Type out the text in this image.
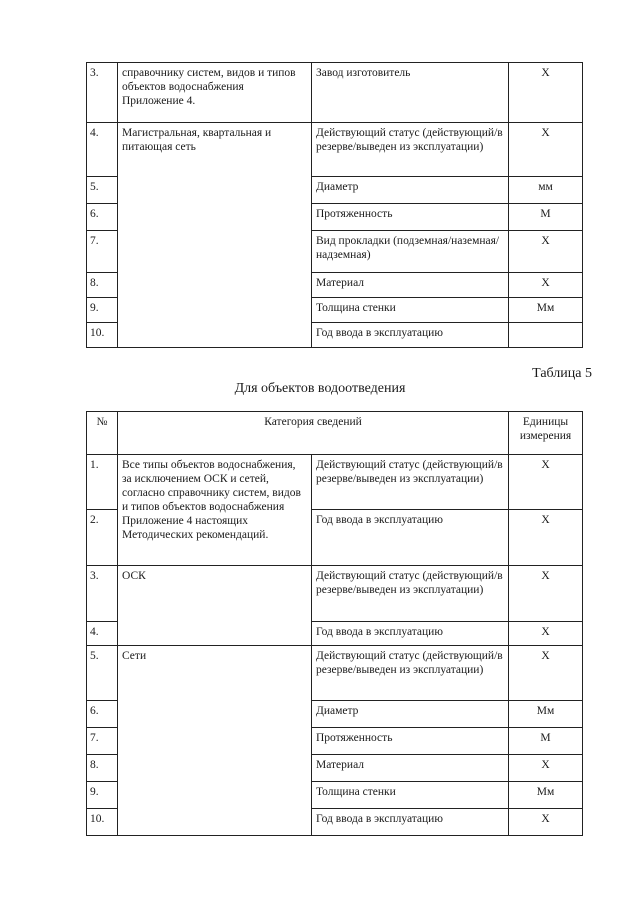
3.	справочнику систем, видов и типов объектов водоснабжения Приложение 4.	Завод изготовитель	Х
4.	Магистральная, квартальная и питающая сеть	Действующий статус (действующий/в резерве/выведен из эксплуатации)	Х
5.		Диаметр	мм
6.		Протяженность	М
7.		Вид прокладки (подземная/наземная/надземная)	Х
8.		Материал	Х
9.		Толщина стенки	Мм
10.		Год ввода в эксплуатацию	
Таблица 5
Для объектов водоотведения
№	Категория сведений		Единицы измерения
1.	Все типы объектов водоснабжения, за исключением ОСК и сетей, согласно справочнику систем, видов и типов объектов водоснабжения Приложение 4 настоящих Методических рекомендаций.	Действующий статус (действующий/в резерве/выведен из эксплуатации)	Х
2.		Год ввода в эксплуатацию	Х
3.	ОСК	Действующий статус (действующий/в резерве/выведен из эксплуатации)	Х
4.		Год ввода в эксплуатацию	Х
5.	Сети	Действующий статус (действующий/в резерве/выведен из эксплуатации)	Х
6.		Диаметр	Мм
7.		Протяженность	М
8.		Материал	Х
9.		Толщина стенки	Мм
10.		Год ввода в эксплуатацию	Х
